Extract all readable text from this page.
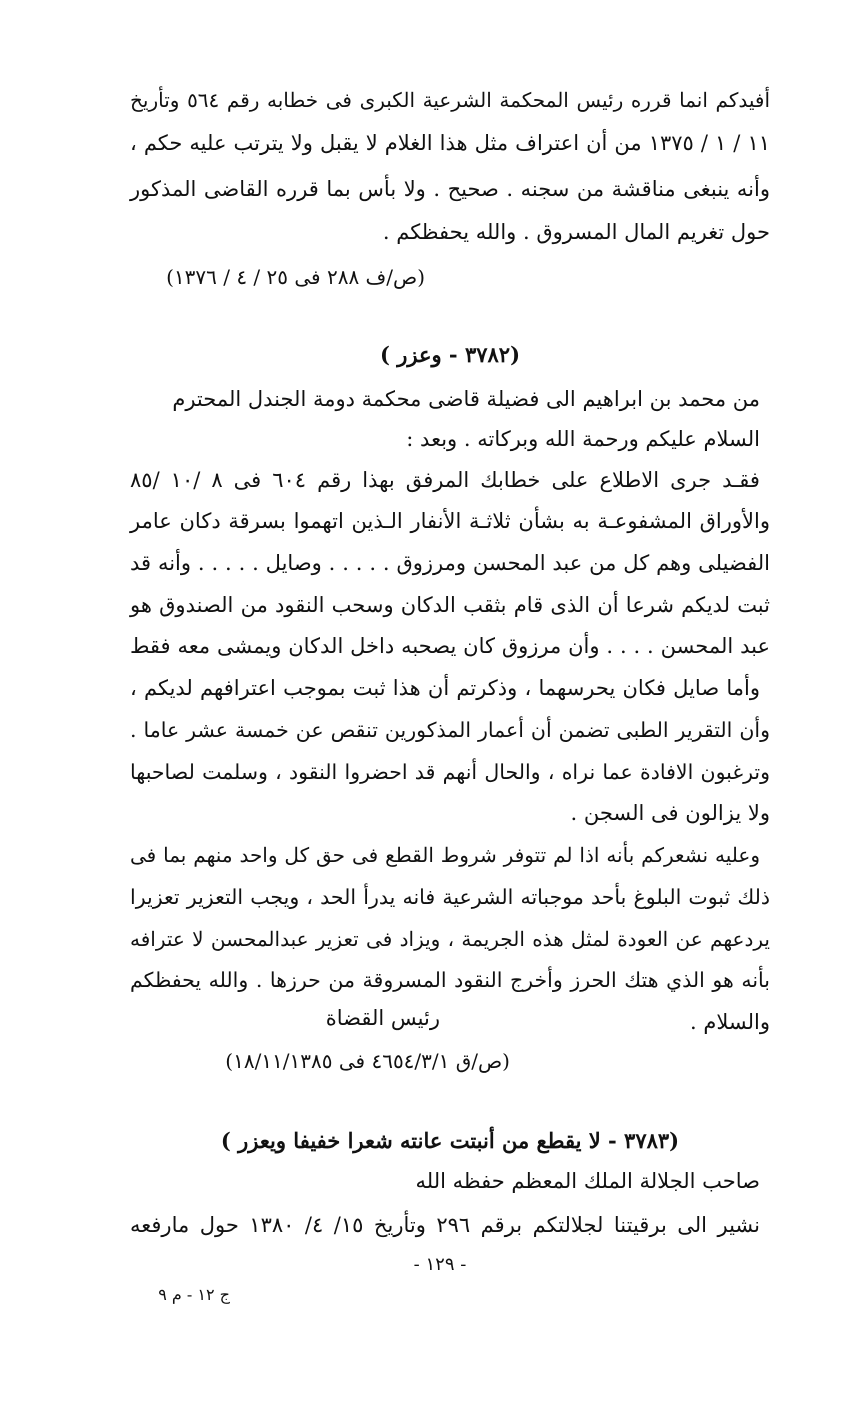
أفيدكم انما قرره رئيس المحكمة الشرعية الكبرى فى خطابه رقم ٥٦٤ وتأريخ
١١ / ١ / ١٣٧٥ من أن اعتراف مثل هذا الغلام لا يقبل ولا يترتب عليه حكم ،
وأنه ينبغى مناقشة من سجنه . صحيح . ولا بأس بما قرره القاضى المذكور
حول تغريم المال المسروق . والله يحفظكم .
(ص/ف ٢٨٨ فى ٢٥ / ٤ / ١٣٧٦)
(٣٧٨٢ - وعزر )
من محمد بن ابراهيم الى فضيلة قاضى محكمة دومة الجندل المحترم
السلام عليكم ورحمة الله وبركاته . وبعد :
فقـد جرى الاطلاع على خطابك المرفق بهذا رقم ٦٠٤ فى ٨ /١٠ /٨٥
والأوراق المشفوعـة به بشأن ثلاثـة الأنفار الـذين اتهموا بسرقة دكان عامر
الفضيلى وهم كل من عبد المحسن ومرزوق . . . . . وصايل . . . . . وأنه قد
ثبت لديكم شرعا أن الذى قام بثقب الدكان وسحب النقود من الصندوق هو
عبد المحسن . . . . وأن مرزوق كان يصحبه داخل الدكان ويمشى معه فقط
وأما صايل فكان يحرسهما ، وذكرتم أن هذا ثبت بموجب اعترافهم لديكم ،
وأن التقرير الطبى تضمن أن أعمار المذكورين تنقص عن خمسة عشر عاما .
وترغبون الافادة عما نراه ، والحال أنهم قد احضروا النقود ، وسلمت لصاحبها
ولا يزالون فى السجن .
وعليه نشعركم بأنه اذا لم تتوفر شروط القطع فى حق كل واحد منهم بما فى
ذلك ثبوت البلوغ بأحد موجباته الشرعية فانه يدرأ الحد ، ويجب التعزير تعزيرا
يردعهم عن العودة لمثل هذه الجريمة ، ويزاد فى تعزير عبدالمحسن لا عترافه
بأنه هو الذي هتك الحرز وأخرج النقود المسروقة من حرزها . والله يحفظكم
والسلام .
رئيس القضاة
(ص/ق ٤٦٥٤/٣/١ فى ١٨/١١/١٣٨٥)
(٣٧٨٣ - لا يقطع من أنبتت عانته شعرا خفيفا ويعزر )
صاحب الجلالة الملك المعظم حفظه الله
نشير الى برقيتنا لجلالتكم برقم ٢٩٦ وتأريخ ١٥/ ٤/ ١٣٨٠ حول مارفعه
- ١٢٩ -
ج ١٢ - م ٩
